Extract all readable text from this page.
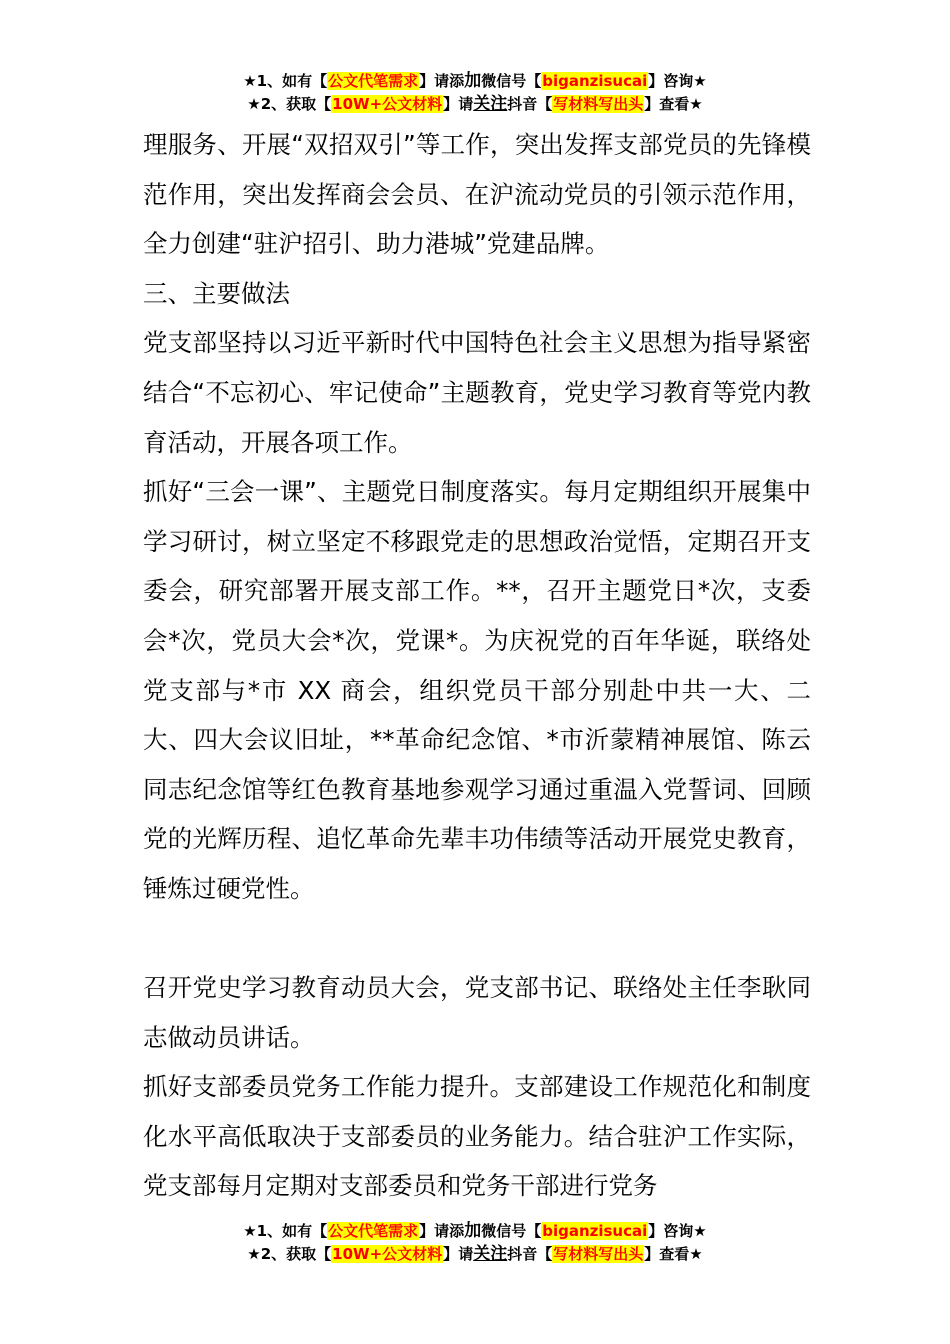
★1、如有【公文代笔需求】请添加微信号【biganzisucai】咨询★
★2、获取【10W+公文材料】请关注抖音【写材料写出头】查看★

理服务、开展“双招双引”等工作，突出发挥支部党员的先锋模范作用，突出发挥商会会员、在沪流动党员的引领示范作用，全力创建“驻沪招引、助力港城”党建品牌。

三、主要做法

党支部坚持以习近平新时代中国特色社会主义思想为指导紧密结合“不忘初心、牢记使命”主题教育，党史学习教育等党内教育活动，开展各项工作。

抓好“三会一课”、主题党日制度落实。每月定期组织开展集中学习研讨，树立坚定不移跟党走的思想政治觉悟，定期召开支委会，研究部署开展支部工作。**，召开主题党日*次，支委会*次，党员大会*次，党课*。为庆祝党的百年华诞，联络处党支部与*市 XX 商会，组织党员干部分别赴中共一大、二大、四大会议旧址，**革命纪念馆、*市沂蒙精神展馆、陈云同志纪念馆等红色教育基地参观学习通过重温入党誓词、回顾党的光辉历程、追忆革命先辈丰功伟绩等活动开展党史教育，锤炼过硬党性。

召开党史学习教育动员大会，党支部书记、联络处主任李耿同志做动员讲话。

抓好支部委员党务工作能力提升。支部建设工作规范化和制度化水平高低取决于支部委员的业务能力。结合驻沪工作实际，党支部每月定期对支部委员和党务干部进行党务

★1、如有【公文代笔需求】请添加微信号【biganzisucai】咨询★
★2、获取【10W+公文材料】请关注抖音【写材料写出头】查看★
